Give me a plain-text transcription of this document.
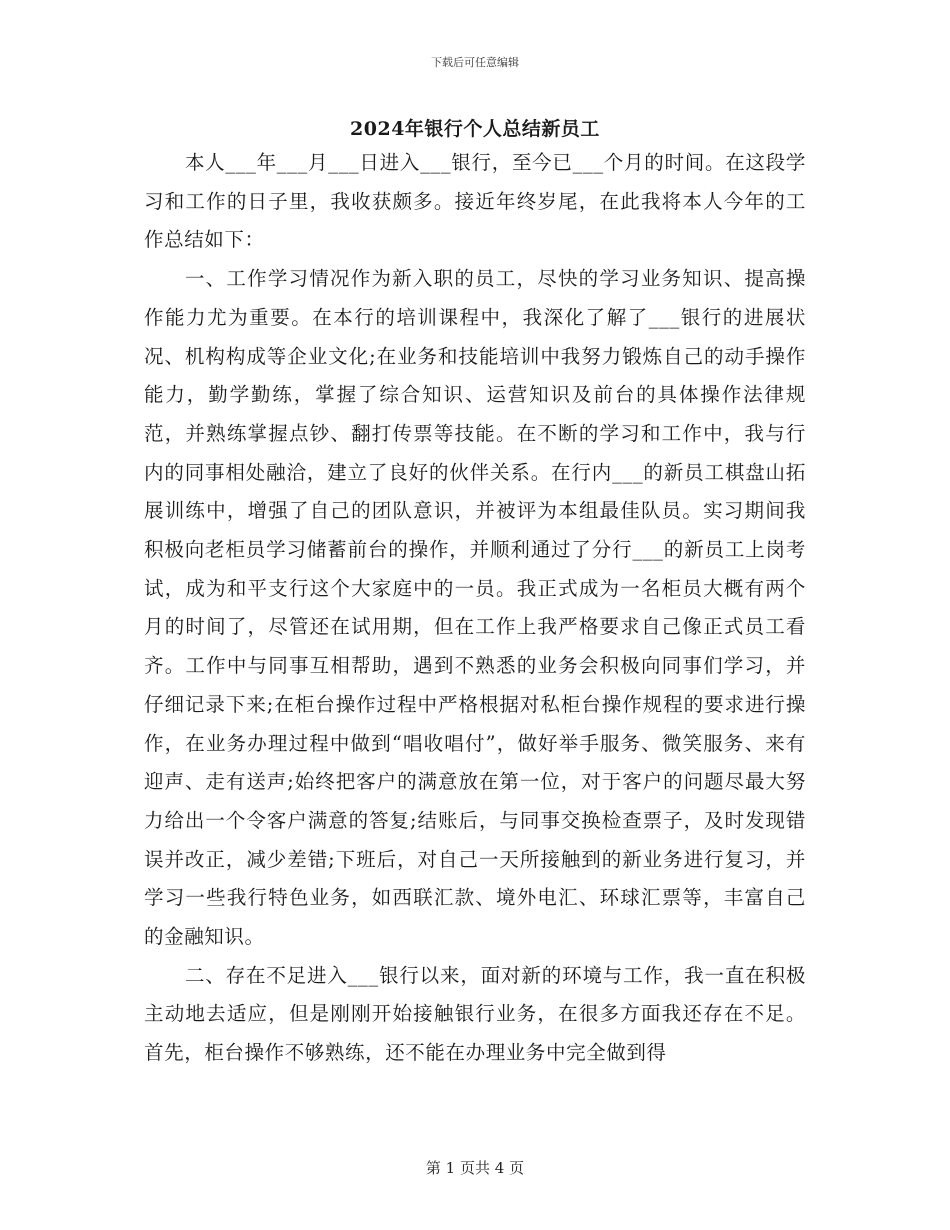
下载后可任意编辑
2024年银行个人总结新员工

本人___年___月___日进入___银行，至今已___个月的时间。在这段学习和工作的日子里，我收获颇多。接近年终岁尾，在此我将本人今年的工作总结如下：

一、工作学习情况作为新入职的员工，尽快的学习业务知识、提高操作能力尤为重要。在本行的培训课程中，我深化了解了___银行的进展状况、机构构成等企业文化;在业务和技能培训中我努力锻炼自己的动手操作能力，勤学勤练，掌握了综合知识、运营知识及前台的具体操作法律规范，并熟练掌握点钞、翻打传票等技能。在不断的学习和工作中，我与行内的同事相处融洽，建立了良好的伙伴关系。在行内___的新员工棋盘山拓展训练中，增强了自己的团队意识，并被评为本组最佳队员。实习期间我积极向老柜员学习储蓄前台的操作，并顺利通过了分行___的新员工上岗考试，成为和平支行这个大家庭中的一员。我正式成为一名柜员大概有两个月的时间了，尽管还在试用期，但在工作上我严格要求自己像正式员工看齐。工作中与同事互相帮助，遇到不熟悉的业务会积极向同事们学习，并仔细记录下来;在柜台操作过程中严格根据对私柜台操作规程的要求进行操作，在业务办理过程中做到“唱收唱付”，做好举手服务、微笑服务、来有迎声、走有送声;始终把客户的满意放在第一位，对于客户的问题尽最大努力给出一个令客户满意的答复;结账后，与同事交换检查票子，及时发现错误并改正，减少差错;下班后，对自己一天所接触到的新业务进行复习，并学习一些我行特色业务，如西联汇款、境外电汇、环球汇票等，丰富自己的金融知识。

二、存在不足进入___银行以来，面对新的环境与工作，我一直在积极主动地去适应，但是刚刚开始接触银行业务，在很多方面我还存在不足。首先，柜台操作不够熟练，还不能在办理业务中完全做到得

第 1 页共 4 页
